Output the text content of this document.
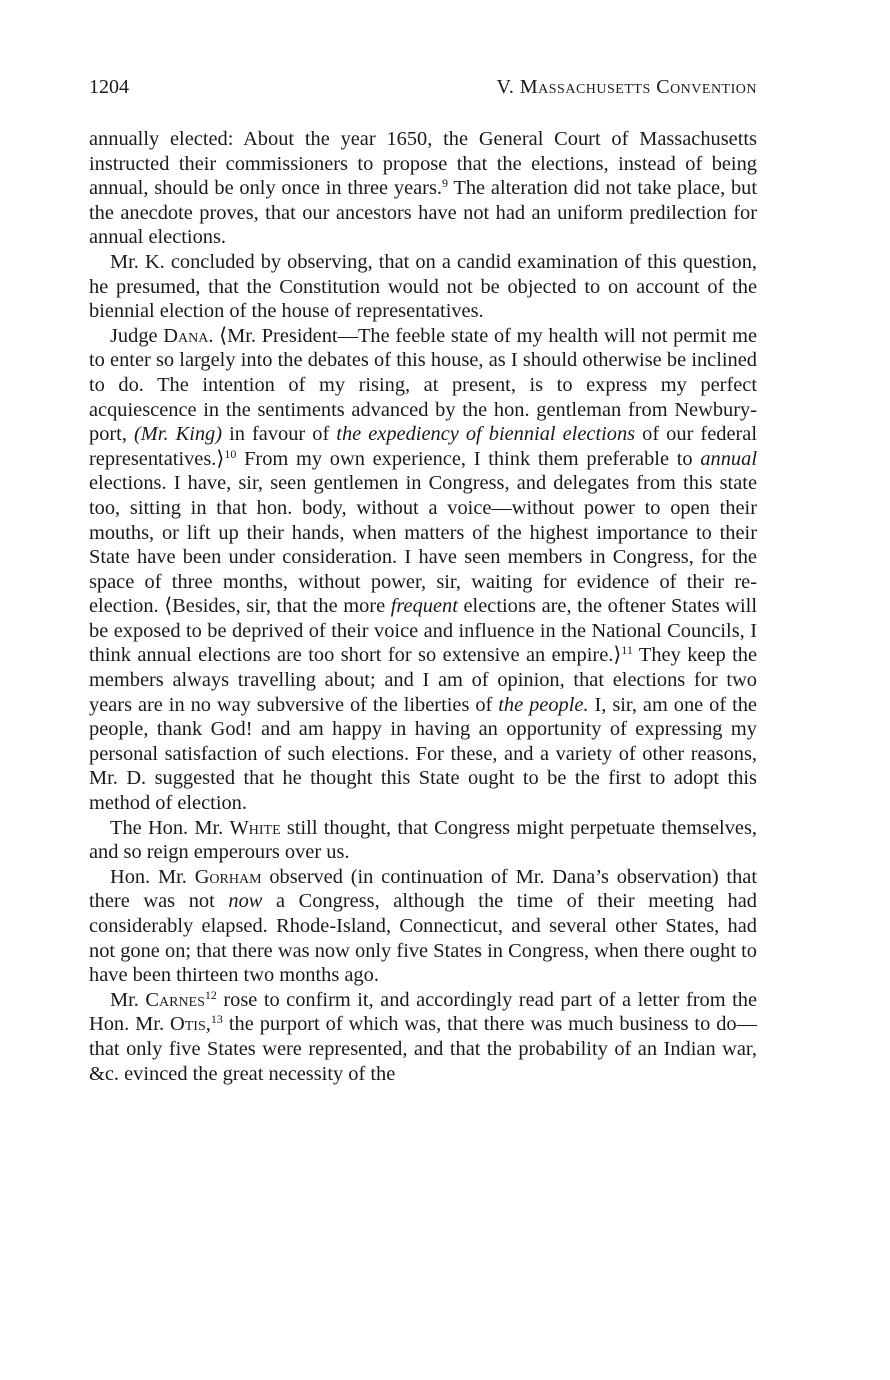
1204	V. Massachusetts Convention

annually elected: About the year 1650, the General Court of Massachusetts instructed their commissioners to propose that the elections, instead of being annual, should be only once in three years.$^9$ The alteration did not take place, but the anecdote proves, that our ancestors have not had an uniform predilection for annual elections.

Mr. K. concluded by observing, that on a candid examination of this question, he presumed, that the Constitution would not be objected to on account of the biennial election of the house of representatives.

Judge Dana. ⟨Mr. President—The feeble state of my health will not permit me to enter so largely into the debates of this house, as I should otherwise be inclined to do. The intention of my rising, at present, is to express my perfect acquiescence in the sentiments advanced by the hon. gentleman from Newbury-port, (Mr. King) in favour of the expediency of biennial elections of our federal representatives.⟩$^{10}$ From my own experience, I think them preferable to annual elections. I have, sir, seen gentlemen in Congress, and delegates from this state too, sitting in that hon. body, without a voice—without power to open their mouths, or lift up their hands, when matters of the highest importance to their State have been under consideration. I have seen members in Congress, for the space of three months, without power, sir, waiting for evidence of their re-election. ⟨Besides, sir, that the more frequent elections are, the oftener States will be exposed to be deprived of their voice and influence in the National Councils, I think annual elections are too short for so extensive an empire.⟩$^{11}$ They keep the members always travelling about; and I am of opinion, that elections for two years are in no way subversive of the liberties of the people. I, sir, am one of the people, thank God! and am happy in having an opportunity of expressing my personal satisfaction of such elections. For these, and a variety of other reasons, Mr. D. suggested that he thought this State ought to be the first to adopt this method of election.

The Hon. Mr. White still thought, that Congress might perpetuate themselves, and so reign emperours over us.

Hon. Mr. Gorham observed (in continuation of Mr. Dana’s observation) that there was not now a Congress, although the time of their meeting had considerably elapsed. Rhode-Island, Connecticut, and several other States, had not gone on; that there was now only five States in Congress, when there ought to have been thirteen two months ago.

Mr. Carnes$^{12}$ rose to confirm it, and accordingly read part of a letter from the Hon. Mr. Otis,$^{13}$ the purport of which was, that there was much business to do—that only five States were represented, and that the probability of an Indian war, &c. evinced the great necessity of the
